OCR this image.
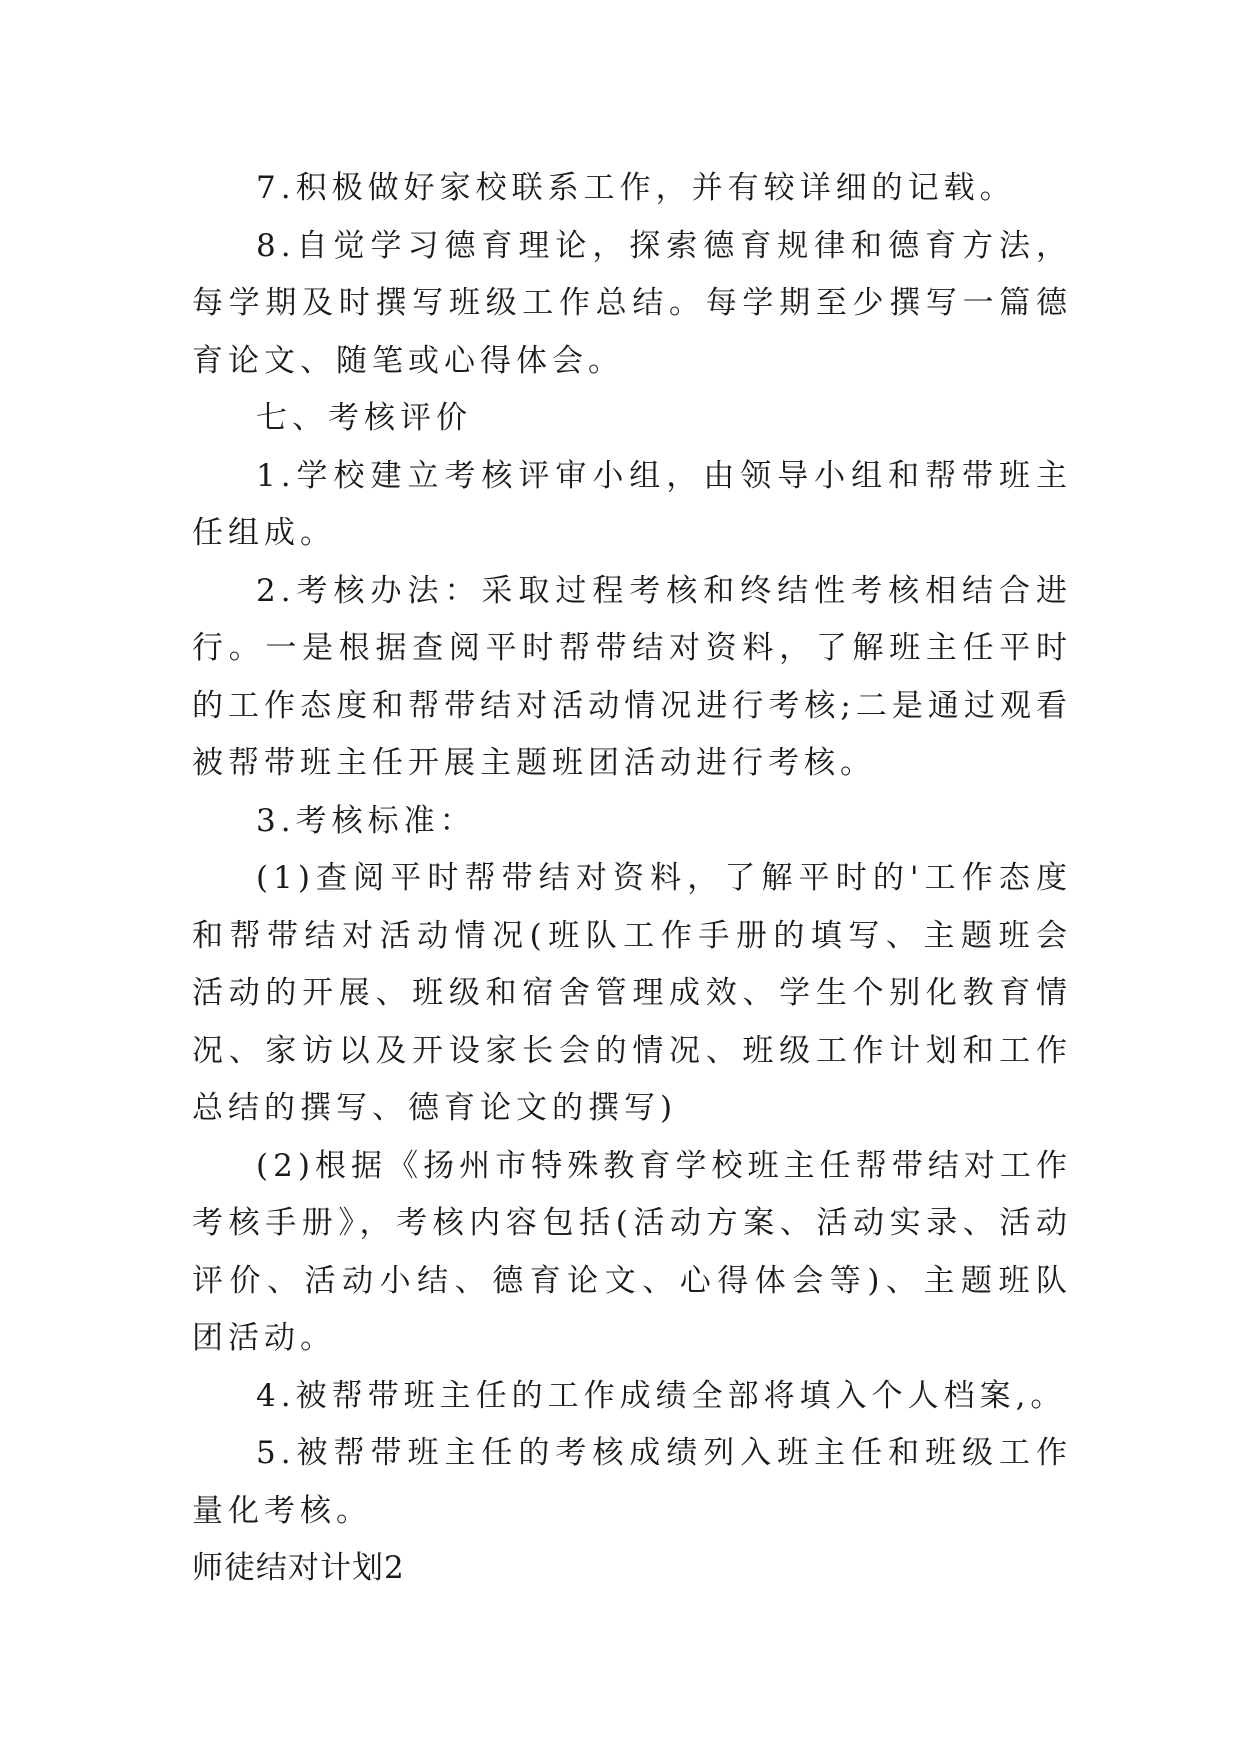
7.积极做好家校联系工作，并有较详细的记载。

8.自觉学习德育理论，探索德育规律和德育方法，每学期及时撰写班级工作总结。每学期至少撰写一篇德育论文、随笔或心得体会。

七、考核评价

1.学校建立考核评审小组，由领导小组和帮带班主任组成。

2.考核办法：采取过程考核和终结性考核相结合进行。一是根据查阅平时帮带结对资料，了解班主任平时的工作态度和帮带结对活动情况进行考核;二是通过观看被帮带班主任开展主题班团活动进行考核。

3.考核标准：

(1)查阅平时帮带结对资料，了解平时的'工作态度和帮带结对活动情况(班队工作手册的填写、主题班会活动的开展、班级和宿舍管理成效、学生个别化教育情况、家访以及开设家长会的情况、班级工作计划和工作总结的撰写、德育论文的撰写)

(2)根据《扬州市特殊教育学校班主任帮带结对工作考核手册》，考核内容包括(活动方案、活动实录、活动评价、活动小结、德育论文、心得体会等)、主题班队团活动。

4.被帮带班主任的工作成绩全部将填入个人档案,。

5.被帮带班主任的考核成绩列入班主任和班级工作量化考核。

师徒结对计划2
